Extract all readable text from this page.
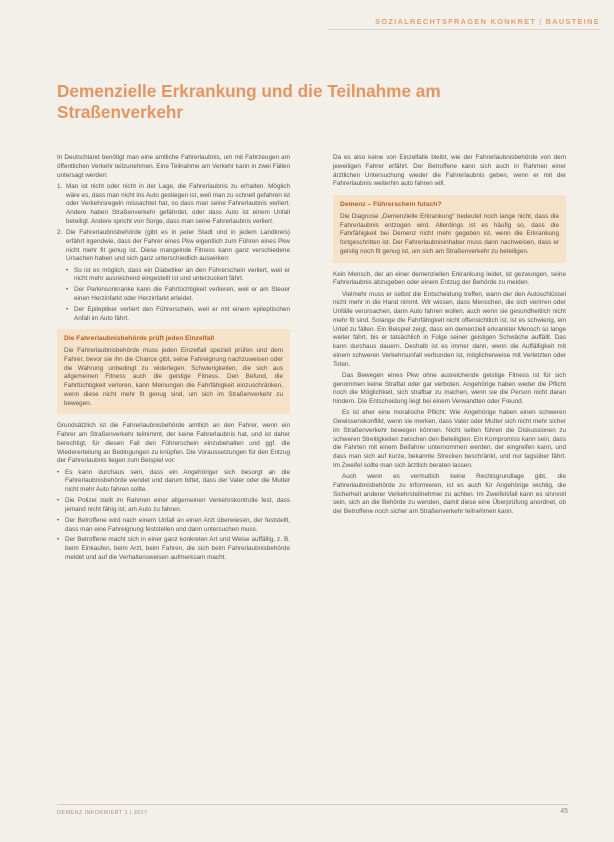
SOZIALRECHTSFRAGEN KONKRET | BAUSTEINE
Demenzielle Erkrankung und die Teilnahme am Straßenverkehr

In Deutschland benötigt man eine amtliche Fahrerlaubnis, um mit Fahrzeugen am öffentlichen Verkehr teilzunehmen. Eine Teilnahme am Verkehr kann in zwei Fällen untersagt werden:

1. Man ist nicht oder nicht in der Lage, die Fahrerlaubnis zu erhalten. Möglich wäre es, dass man nicht ins Auto gestiegen ist, weil man zu schnell gefahren ist oder Verkehrsregeln missachtet hat, so dass man seine Fahrerlaubnis verliert. Andere haben Straßenverkehr gefährdet, oder dass Auto ist einem Unfall beteiligt. Andere spricht von Sorge, dass man seine Fahrerlaubnis verliert.
2. Die Fahrerlaubnisbehörde (gibt es in jeder Stadt und in jedem Landkreis) erfährt irgendwie, dass der Fahrer eines Pkw eigentlich zum Führen eines Pkw nicht mehr fit genug ist. Diese mangelnde Fitness kann ganz verschiedene Ursachen haben und sich ganz unterschiedlich auswirken:
• So ist es möglich, dass ein Diabetiker an den Führerschein verliert, weil er nicht mehr ausreichend eingestellt ist und unterzuckert fährt.
• Der Parkinsonkranke kann die Fahrtüchtigkeit verlieren, weil er am Steuer einen Herzinfarkt oder Herzinfarkt erleidet.
• Der Epileptiker verliert den Führerschein, weil er mit einem epileptischen Anfall im Auto fährt.
Die Fahrerlaubnisbehörde prüft jeden Einzelfall

Die Fahrerlaubnisbehörde muss jeden Einzelfall speziell prüfen und dem Fahrer, bevor sie ihn die Chance gibt, seine Fahreignung nachzuweisen oder die Wahrung unbedingt zu widerlegen. Schwierigkeiten, die sich aus allgemeinen Fitness auch die geistige Fitness. Den Befund, die Fahrtüchtigkeit verloren, kann Meinungen die Fahrfähigkeit einzuschränken, wenn diese nicht mehr fit genug sind, um sich im Straßenverkehr zu bewegen.

Grundsätzlich ist die Fahrerlaubnisbehörde amtlich an den Fahrer, wenn ein Fahrer am Straßenverkehr teilnimmt, der keine Fahrerlaubnis hat, und ist daher berechtigt, für diesen Fall den Führerschein einzubehalten und ggf. die Wiedererteilung an Bedingungen zu knüpfen. Die Voraussetzungen für den Entzug der Fahrerlaubnis liegen zum Beispiel vor:

• Es kann durchaus sein, dass ein Angehöriger sich besorgt an die Fahrerlaubnisbehörde wendet und darum bittet, dass der Vater oder die Mutter nicht mehr Auto fahren sollte.
• Die Polizei stellt im Rahmen einer allgemeinen Verkehrskontrolle fest, dass jemand nicht fähig ist, am Auto zu fahren.
• Der Betroffene wird nach einem Unfall an einen Arzt überwiesen, der feststellt, dass man eine Fahreignung feststellen und dann untersuchen muss.
• Der Betroffene macht sich in einer ganz konkreten Art und Weise auffällig, z. B. beim Einkaufen, beim Arzt, beim Fahren, die sich beim Fahrerlaubnisbehörde meldet und auf die Verhaltensweisen aufmerksam macht.

Da es also keine von Einzelfalle bleibt, wie der Fahrerlaubnisbehörde von dem jeweiligen Fahrer erfährt. Der Betroffene kann sich auch in Rahmen einer ärztlichen Untersuchung wieder die Fahrerlaubnis geben, wenn er mit der Fahrerlaubnis weiterhin auto fahren will.

Demenz – Führerschein futsch?

Die Diagnose „Demenzielle Erkrankung“ bedeutet noch lange nicht, dass die Fahrerlaubnis entzogen wird. Allerdings ist es häufig so, dass die Fahrfähigkeit bei Demenz nicht mehr gegeben ist, wenn die Erkrankung fortgeschritten ist. Der Fahrerlaubnisinhaber muss dann nachweisen, dass er geistig noch fit genug ist, um sich am Straßenverkehr zu beteiligen.

Kein Mensch, der an einer demenziellen Erkrankung leidet, ist gezwungen, seine Fahrerlaubnis abzugeben oder einem Entzug der Behörde zu melden.

Vielmehr muss er selbst die Entscheidung treffen, wann der den Autoschlüssel nicht mehr in die Hand nimmt. Wir wissen, dass Menschen, die sich verirren oder Unfälle verursachen, dann Auto fahren wollen, auch wenn sie gesundheitlich nicht mehr fit sind. Solange die Fahrfähigkeit nicht offensichtlich ist, ist es schwierig, ein Urteil zu fällen. Ein Beispiel zeigt, dass ein demenziell erkrankter Mensch so lange weiter fährt, bis er tatsächlich in Folge seiner geistigen Schwäche auffällt. Das kann durchaus dauern. Deshalb ist es immer dann, wenn die Auffälligkeit mit einem schweren Verkehrsunfall verbunden ist, möglicherweise mit Verletzten oder Toten.

Das Bewegen eines Pkw ohne ausreichende geistige Fitness ist für sich genommen keine Straftat oder gar verboten. Angehörige haben weder die Pflicht noch die Möglichkeit, sich strafbar zu machen, wenn sie die Person nicht daran hindern. Die Entscheidung liegt bei einem Verwandten oder Freund.

Es ist eher eine moralische Pflicht: Wie Angehörige haben einen schweren Gewissenskonflikt, wenn sie merken, dass Vater oder Mutter sich nicht mehr sicher im Straßenverkehr bewegen können. Nicht selten führen die Diskussionen zu schweren Streitigkeiten zwischen den Beteiligten. Ein Kompromiss kann sein, dass die Fahrten mit einem Beifahrer unternommen werden, der eingreifen kann, und dass man sich auf kurze, bekannte Strecken beschränkt, und nur tagsüber fährt. Im Zweifel sollte man sich ärztlich beraten lassen.

Auch wenn es vermutlich keine Rechtsgrundlage gibt, die Fahrerlaubnisbehörde zu informieren, ist es auch für Angehörige wichtig, die Sicherheit anderer Verkehrsteilnehmer zu achten. Im Zweifelsfall kann es sinnvoll sein, sich an die Behörde zu wenden, damit diese eine Überprüfung anordnet, ob der Betroffene noch sicher am Straßenverkehr teilnehmen kann.

DEMENZ INFORMIERT 1 | 2017	45
